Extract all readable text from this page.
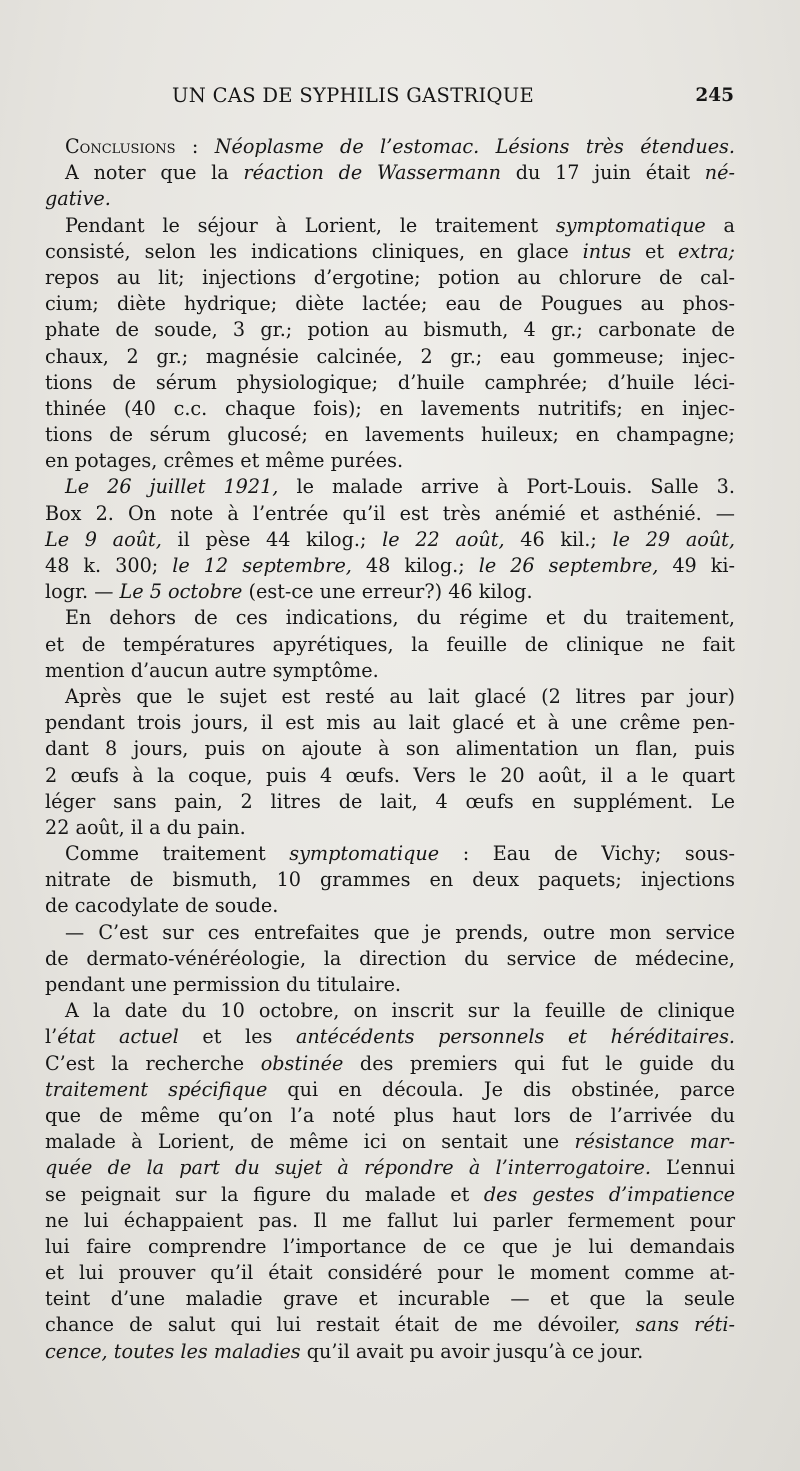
UN CAS DE SYPHILIS GASTRIQUE	245
Conclusions : Néoplasme de l’estomac. Lésions très étendues.
A noter que la réaction de Wassermann du 17 juin était né-
gative.
Pendant le séjour à Lorient, le traitement symptomatique a
consisté, selon les indications cliniques, en glace intus et extra;
repos au lit; injections d’ergotine; potion au chlorure de cal-
cium; diète hydrique; diète lactée; eau de Pougues au phos-
phate de soude, 3 gr.; potion au bismuth, 4 gr.; carbonate de
chaux, 2 gr.; magnésie calcinée, 2 gr.; eau gommeuse; injec-
tions de sérum physiologique; d’huile camphrée; d’huile léci-
thinée (40 c.c. chaque fois); en lavements nutritifs; en injec-
tions de sérum glucosé; en lavements huileux; en champagne;
en potages, crêmes et même purées.
Le 26 juillet 1921, le malade arrive à Port-Louis. Salle 3.
Box 2. On note à l’entrée qu’il est très anémié et asthénié. —
Le 9 août, il pèse 44 kilog.; le 22 août, 46 kil.; le 29 août,
48 k. 300; le 12 septembre, 48 kilog.; le 26 septembre, 49 ki-
logr. — Le 5 octobre (est-ce une erreur?) 46 kilog.
En dehors de ces indications, du régime et du traitement,
et de températures apyrétiques, la feuille de clinique ne fait
mention d’aucun autre symptôme.
Après que le sujet est resté au lait glacé (2 litres par jour)
pendant trois jours, il est mis au lait glacé et à une crême pen-
dant 8 jours, puis on ajoute à son alimentation un flan, puis
2 œufs à la coque, puis 4 œufs. Vers le 20 août, il a le quart
léger sans pain, 2 litres de lait, 4 œufs en supplément. Le
22 août, il a du pain.
Comme traitement symptomatique : Eau de Vichy; sous-
nitrate de bismuth, 10 grammes en deux paquets; injections
de cacodylate de soude.
— C’est sur ces entrefaites que je prends, outre mon service
de dermato-vénéréologie, la direction du service de médecine,
pendant une permission du titulaire.
A la date du 10 octobre, on inscrit sur la feuille de clinique
l’état actuel et les antécédents personnels et héréditaires.
C’est la recherche obstinée des premiers qui fut le guide du
traitement spécifique qui en découla. Je dis obstinée, parce
que de même qu’on l’a noté plus haut lors de l’arrivée du
malade à Lorient, de même ici on sentait une résistance mar-
quée de la part du sujet à répondre à l’interrogatoire. L’ennui
se peignait sur la figure du malade et des gestes d’impatience
ne lui échappaient pas. Il me fallut lui parler fermement pour
lui faire comprendre l’importance de ce que je lui demandais
et lui prouver qu’il était considéré pour le moment comme at-
teint d’une maladie grave et incurable — et que la seule
chance de salut qui lui restait était de me dévoiler, sans réti-
cence, toutes les maladies qu’il avait pu avoir jusqu’à ce jour.
